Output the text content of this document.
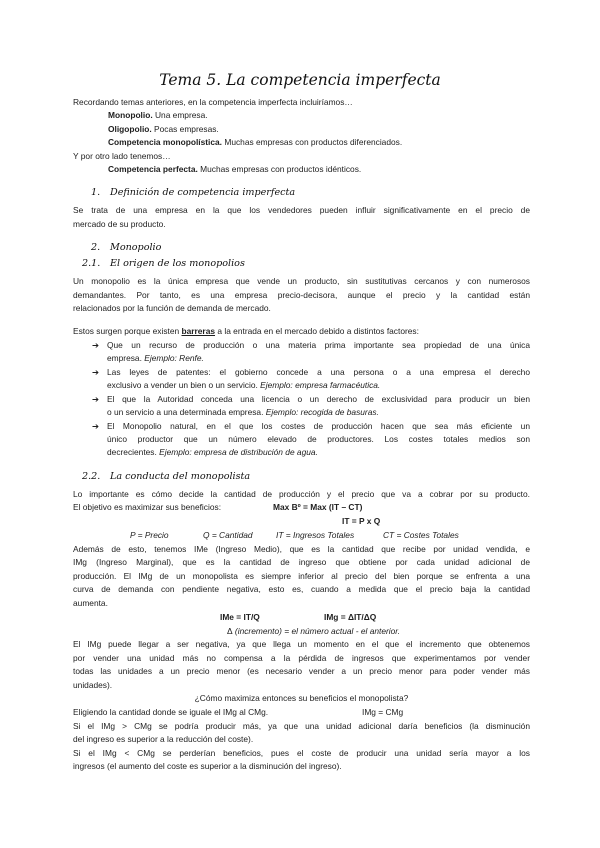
Tema 5. La competencia imperfecta
Recordando temas anteriores, en la competencia imperfecta incluiríamos…
Monopolio. Una empresa.
Oligopolio. Pocas empresas.
Competencia monopolística. Muchas empresas con productos diferenciados.
Y por otro lado tenemos…
Competencia perfecta. Muchas empresas con productos idénticos.
1. Definición de competencia imperfecta
Se trata de una empresa en la que los vendedores pueden influir significativamente en el precio de
mercado de su producto.
2. Monopolio
2.1. El origen de los monopolios
Un monopolio es la única empresa que vende un producto, sin sustitutivas cercanos y con numerosos
demandantes. Por tanto, es una empresa precio-decisora, aunque el precio y la cantidad están
relacionados por la función de demanda de mercado.
Estos surgen porque existen barreras a la entrada en el mercado debido a distintos factores:
➔ Que un recurso de producción o una materia prima importante sea propiedad de una única
empresa. Ejemplo: Renfe.
➔ Las leyes de patentes: el gobierno concede a una persona o a una empresa el derecho
exclusivo a vender un bien o un servicio. Ejemplo: empresa farmacéutica.
➔ El que la Autoridad conceda una licencia o un derecho de exclusividad para producir un bien
o un servicio a una determinada empresa. Ejemplo: recogida de basuras.
➔ El Monopolio natural, en el que los costes de producción hacen que sea más eficiente un
único productor que un número elevado de productores. Los costes totales medios son
decrecientes. Ejemplo: empresa de distribución de agua.
2.2. La conducta del monopolista
Lo importante es cómo decide la cantidad de producción y el precio que va a cobrar por su producto.
El objetivo es maximizar sus beneficios:	Max Bº = Max (IT – CT)
IT = P x Q
P = Precio	Q = Cantidad	IT = Ingresos Totales	CT = Costes Totales
Además de esto, tenemos IMe (Ingreso Medio), que es la cantidad que recibe por unidad vendida, e
IMg (Ingreso Marginal), que es la cantidad de ingreso que obtiene por cada unidad adicional de
producción. El IMg de un monopolista es siempre inferior al precio del bien porque se enfrenta a una
curva de demanda con pendiente negativa, esto es, cuando a medida que el precio baja la cantidad
aumenta.
IMe = IT/Q	IMg = ΔIT/ΔQ
Δ (incremento) = el número actual - el anterior.
El IMg puede llegar a ser negativa, ya que llega un momento en el que el incremento que obtenemos
por vender una unidad más no compensa a la pérdida de ingresos que experimentamos por vender
todas las unidades a un precio menor (es necesario vender a un precio menor para poder vender más
unidades).
¿Cómo maximiza entonces su beneficios el monopolista?
Eligiendo la cantidad donde se iguale el IMg al CMg.	IMg = CMg
Si el IMg > CMg se podría producir más, ya que una unidad adicional daría beneficios (la disminución
del ingreso es superior a la reducción del coste).
Si el IMg < CMg se perderían beneficios, pues el coste de producir una unidad sería mayor a los
ingresos (el aumento del coste es superior a la disminución del ingreso).
